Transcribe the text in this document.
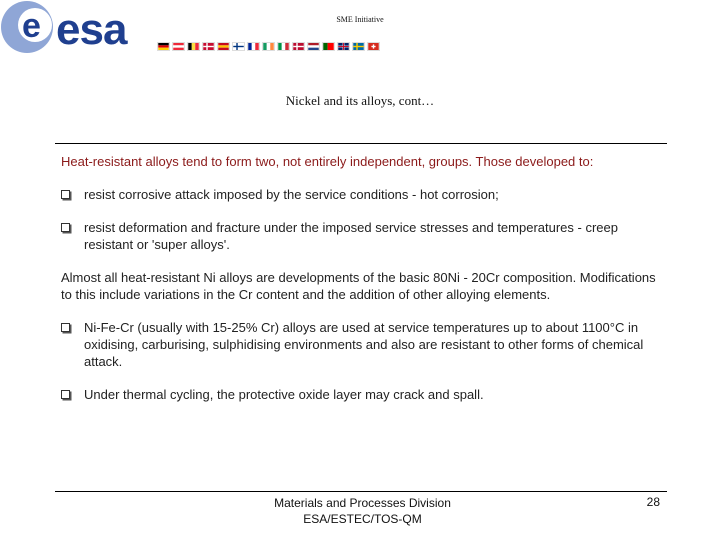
e esa	SME Initiative
Nickel and its alloys, cont…

Heat-resistant alloys tend to form two, not entirely independent, groups. Those developed to:

resist corrosive attack imposed by the service conditions - hot corrosion;
resist deformation and fracture under the imposed service stresses and temperatures - creep resistant or 'super alloys'.

Almost all heat-resistant Ni alloys are developments of the basic 80Ni - 20Cr composition. Modifications to this include variations in the Cr content and the addition of other alloying elements.

Ni-Fe-Cr (usually with 15-25% Cr) alloys are used at service temperatures up to about 1100°C in oxidising, carburising, sulphidising environments and also are resistant to other forms of chemical attack.
Under thermal cycling, the protective oxide layer may crack and spall.
Materials and Processes Division
ESA/ESTEC/TOS-QM
28
